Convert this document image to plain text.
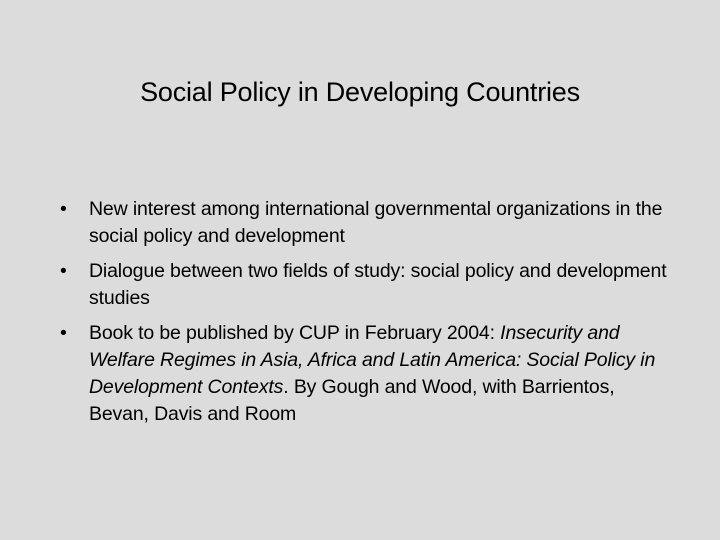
Social Policy in Developing Countries
• New interest among international governmental organizations in the social policy and development
• Dialogue between two fields of study: social policy and development studies
• Book to be published by CUP in February 2004: Insecurity and Welfare Regimes in Asia, Africa and Latin America: Social Policy in Development Contexts. By Gough and Wood, with Barrientos, Bevan, Davis and Room
